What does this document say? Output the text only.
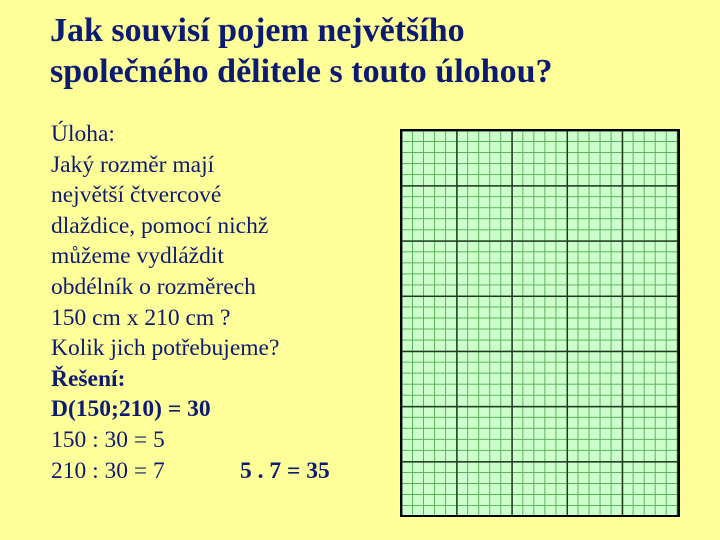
Jak souvisí pojem největšího
společného dělitele s touto úlohou?
Úloha:
Jaký rozměr mají
největší čtvercové
dlaždice, pomocí nichž
můžeme vydláždit
obdélník o rozměrech
150 cm x 210 cm ?
Kolik jich potřebujeme?
Řešení:
D(150;210) = 30
150 : 30 = 5
210 : 30 = 7	5 . 7 = 35
